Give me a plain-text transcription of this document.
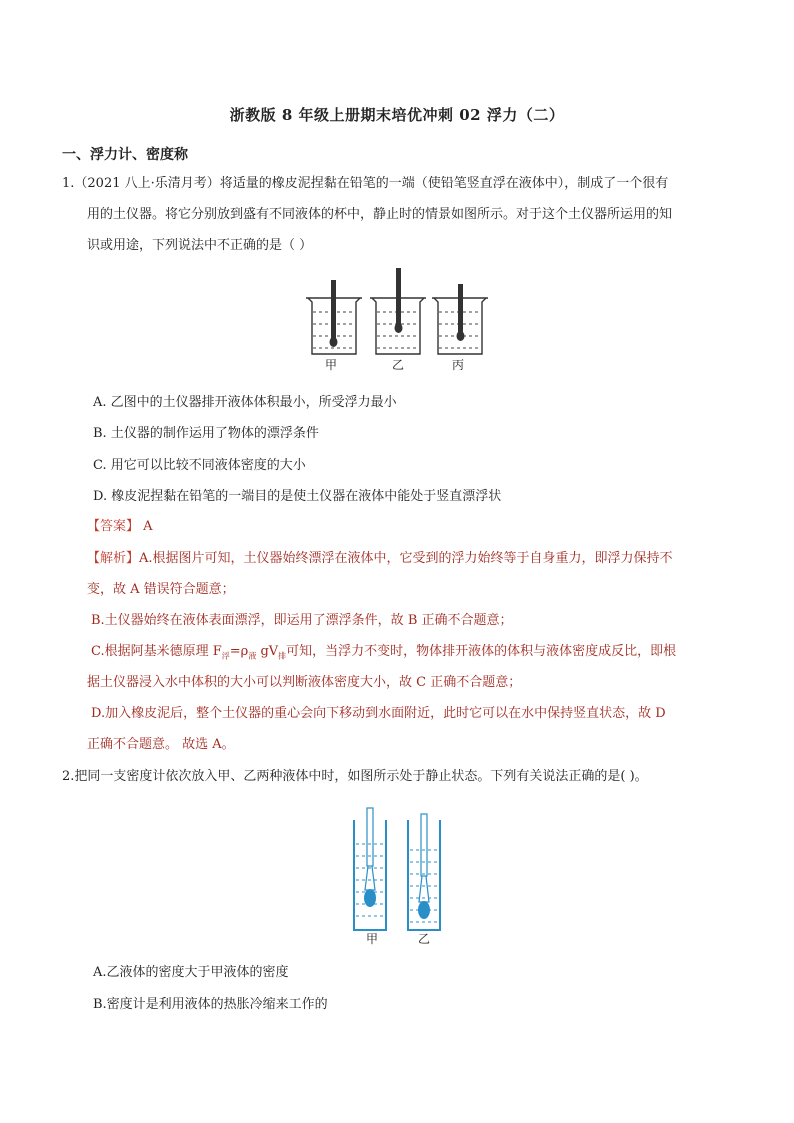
浙教版 8 年级上册期末培优冲刺 02 浮力（二）
一、浮力计、密度称
1.（2021 八上·乐清月考）将适量的橡皮泥捏黏在铅笔的一端（使铅笔竖直浮在液体中），制成了一个很有
用的土仪器。将它分别放到盛有不同液体的杯中，静止时的情景如图所示。对于这个土仪器所运用的知
识或用途，下列说法中不正确的是（ ）
甲	乙	丙
A. 乙图中的土仪器排开液体体积最小，所受浮力最小
B. 土仪器的制作运用了物体的漂浮条件
C. 用它可以比较不同液体密度的大小
D. 橡皮泥捏黏在铅笔的一端目的是使土仪器在液体中能处于竖直漂浮状
【答案】 A
【解析】A.根据图片可知，土仪器始终漂浮在液体中，它受到的浮力始终等于自身重力，即浮力保持不
变，故 A 错误符合题意；
B.土仪器始终在液体表面漂浮，即运用了漂浮条件，故 B 正确不合题意；
C.根据阿基米德原理 $F_浮=\rho_液$ $gV_排$可知，当浮力不变时，物体排开液体的体积与液体密度成反比，即根
据土仪器浸入水中体积的大小可以判断液体密度大小，故 C 正确不合题意；
D.加入橡皮泥后，整个土仪器的重心会向下移动到水面附近，此时它可以在水中保持竖直状态，故 D
正确不合题意。 故选 A。
2.把同一支密度计依次放入甲、乙两种液体中时，如图所示处于静止状态。下列有关说法正确的是( )。
甲	乙
A.乙液体的密度大于甲液体的密度
B.密度计是利用液体的热胀冷缩来工作的
